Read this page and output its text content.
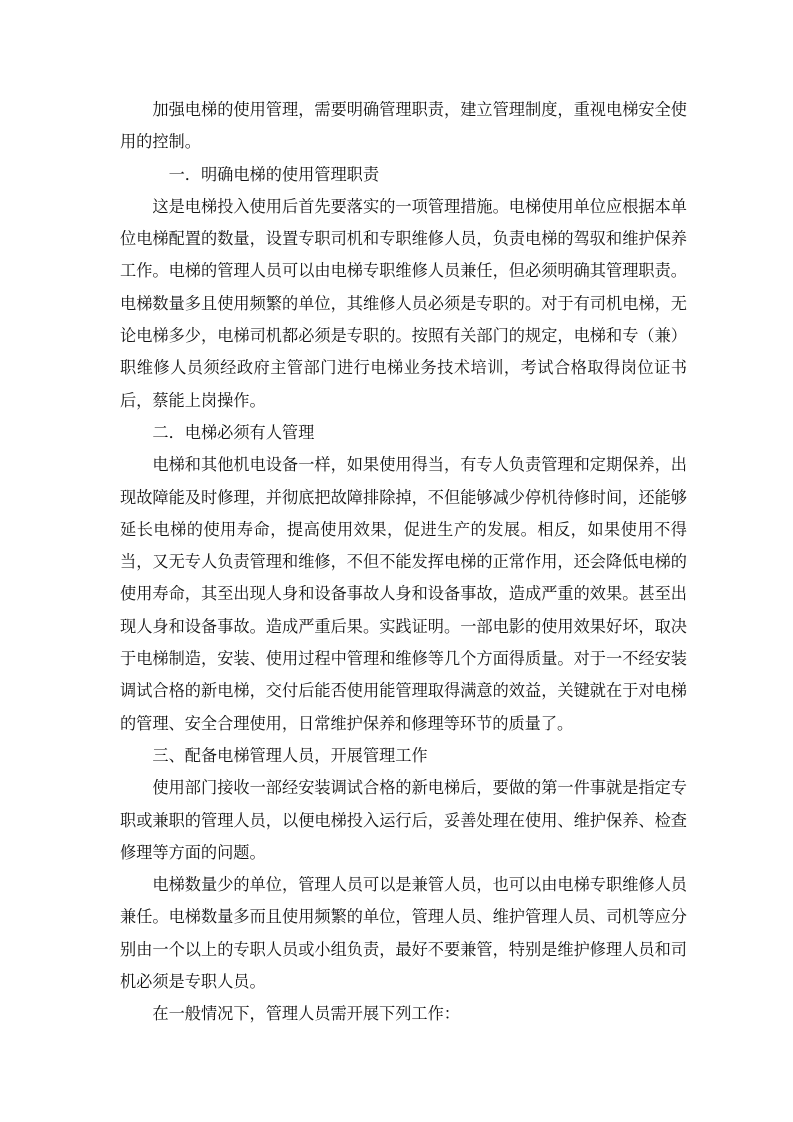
加强电梯的使用管理，需要明确管理职责，建立管理制度，重视电梯安全使用的控制。

一．明确电梯的使用管理职责

这是电梯投入使用后首先要落实的一项管理措施。电梯使用单位应根据本单位电梯配置的数量，设置专职司机和专职维修人员，负责电梯的驾驭和维护保养工作。电梯的管理人员可以由电梯专职维修人员兼任，但必须明确其管理职责。电梯数量多且使用频繁的单位，其维修人员必须是专职的。对于有司机电梯，无论电梯多少，电梯司机都必须是专职的。按照有关部门的规定，电梯和专（兼）职维修人员须经政府主管部门进行电梯业务技术培训，考试合格取得岗位证书后，蔡能上岗操作。

二．电梯必须有人管理

电梯和其他机电设备一样，如果使用得当，有专人负责管理和定期保养，出现故障能及时修理，并彻底把故障排除掉，不但能够减少停机待修时间，还能够延长电梯的使用寿命，提高使用效果，促进生产的发展。相反，如果使用不得当，又无专人负责管理和维修，不但不能发挥电梯的正常作用，还会降低电梯的使用寿命，其至出现人身和设备事故人身和设备事故，造成严重的效果。甚至出现人身和设备事故。造成严重后果。实践证明。一部电影的使用效果好坏，取决于电梯制造，安装、使用过程中管理和维修等几个方面得质量。对于一不经安装调试合格的新电梯，交付后能否使用能管理取得满意的效益，关键就在于对电梯的管理、安全合理使用，日常维护保养和修理等环节的质量了。

三、配备电梯管理人员，开展管理工作

使用部门接收一部经安装调试合格的新电梯后，要做的第一件事就是指定专职或兼职的管理人员，以便电梯投入运行后，妥善处理在使用、维护保养、检查修理等方面的问题。

电梯数量少的单位，管理人员可以是兼管人员，也可以由电梯专职维修人员兼任。电梯数量多而且使用频繁的单位，管理人员、维护管理人员、司机等应分别由一个以上的专职人员或小组负责，最好不要兼管，特别是维护修理人员和司机必须是专职人员。

在一般情况下，管理人员需开展下列工作：
